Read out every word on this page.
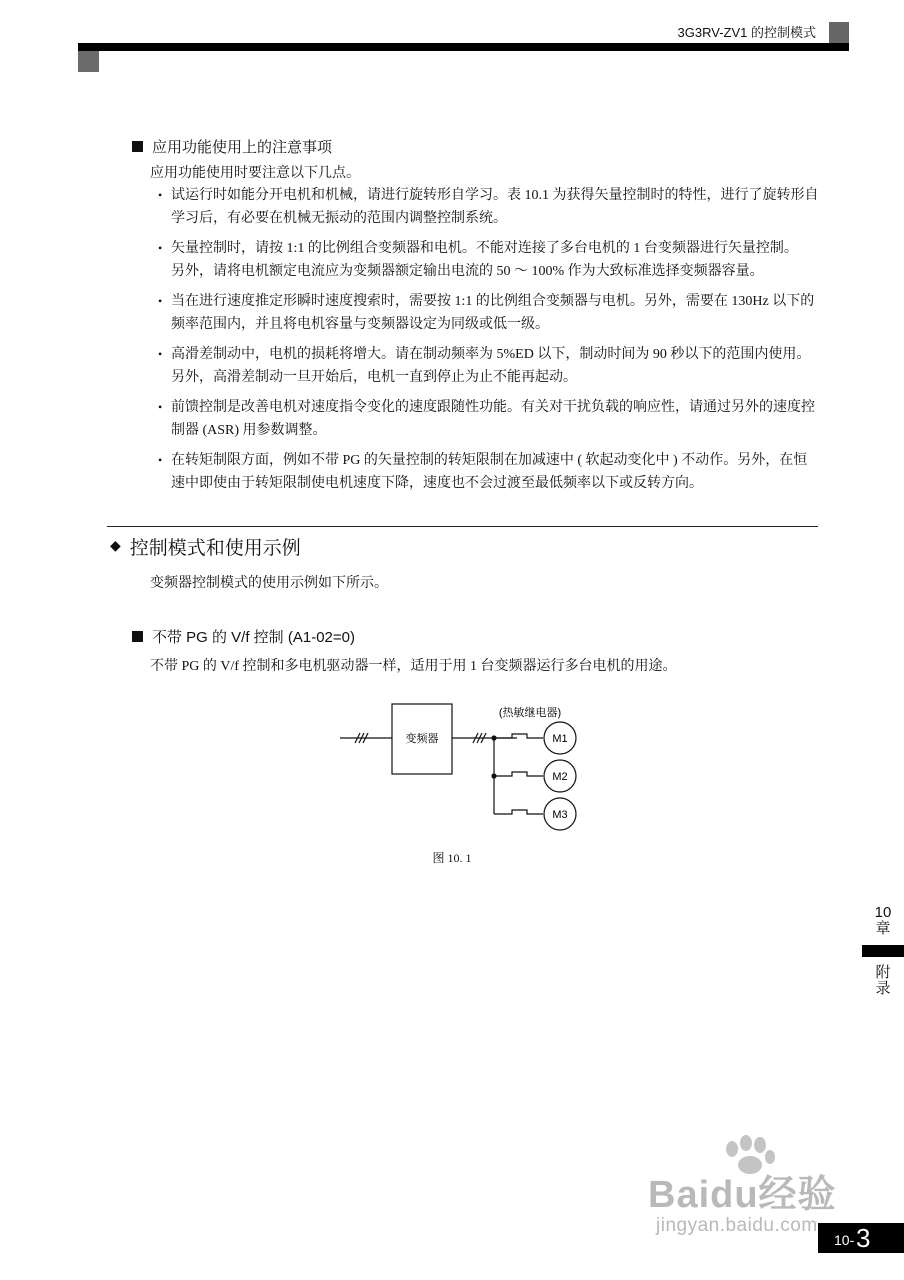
3G3RV-ZV1 的控制模式
应用功能使用上的注意事项
应用功能使用时要注意以下几点。
• 试运行时如能分开电机和机械，请进行旋转形自学习。表 10.1 为获得矢量控制时的特性，进行了旋转形自学习后，有必要在机械无振动的范围内调整控制系统。
• 矢量控制时，请按 1:1 的比例组合变频器和电机。不能对连接了多台电机的 1 台变频器进行矢量控制。
另外，请将电机额定电流应为变频器额定输出电流的 50 ～ 100% 作为大致标准选择变频器容量。
• 当在进行速度推定形瞬时速度搜索时，需要按 1:1 的比例组合变频器与电机。另外，需要在 130Hz 以下的频率范围内，并且将电机容量与变频器设定为同级或低一级。
• 高滑差制动中，电机的损耗将增大。请在制动频率为 5%ED 以下，制动时间为 90 秒以下的范围内使用。另外，高滑差制动一旦开始后，电机一直到停止为止不能再起动。
• 前馈控制是改善电机对速度指令变化的速度跟随性功能。有关对干扰负载的响应性，请通过另外的速度控制器 (ASR) 用参数调整。
• 在转矩制限方面，例如不带 PG 的矢量控制的转矩限制在加减速中 ( 软起动变化中 ) 不动作。另外，在恒速中即使由于转矩限制使电机速度下降，速度也不会过渡至最低频率以下或反转方向。
◆ 控制模式和使用示例
变频器控制模式的使用示例如下所示。
不带 PG 的 V/f 控制 (A1-02=0)
不带 PG 的 V/f 控制和多电机驱动器一样，适用于用 1 台变频器运行多台电机的用途。
变频器
(热敏继电器)
M1
M2
M3
图 10. 1
10
章
附录
Baidu经验
jingyan.baidu.com
10- 3
